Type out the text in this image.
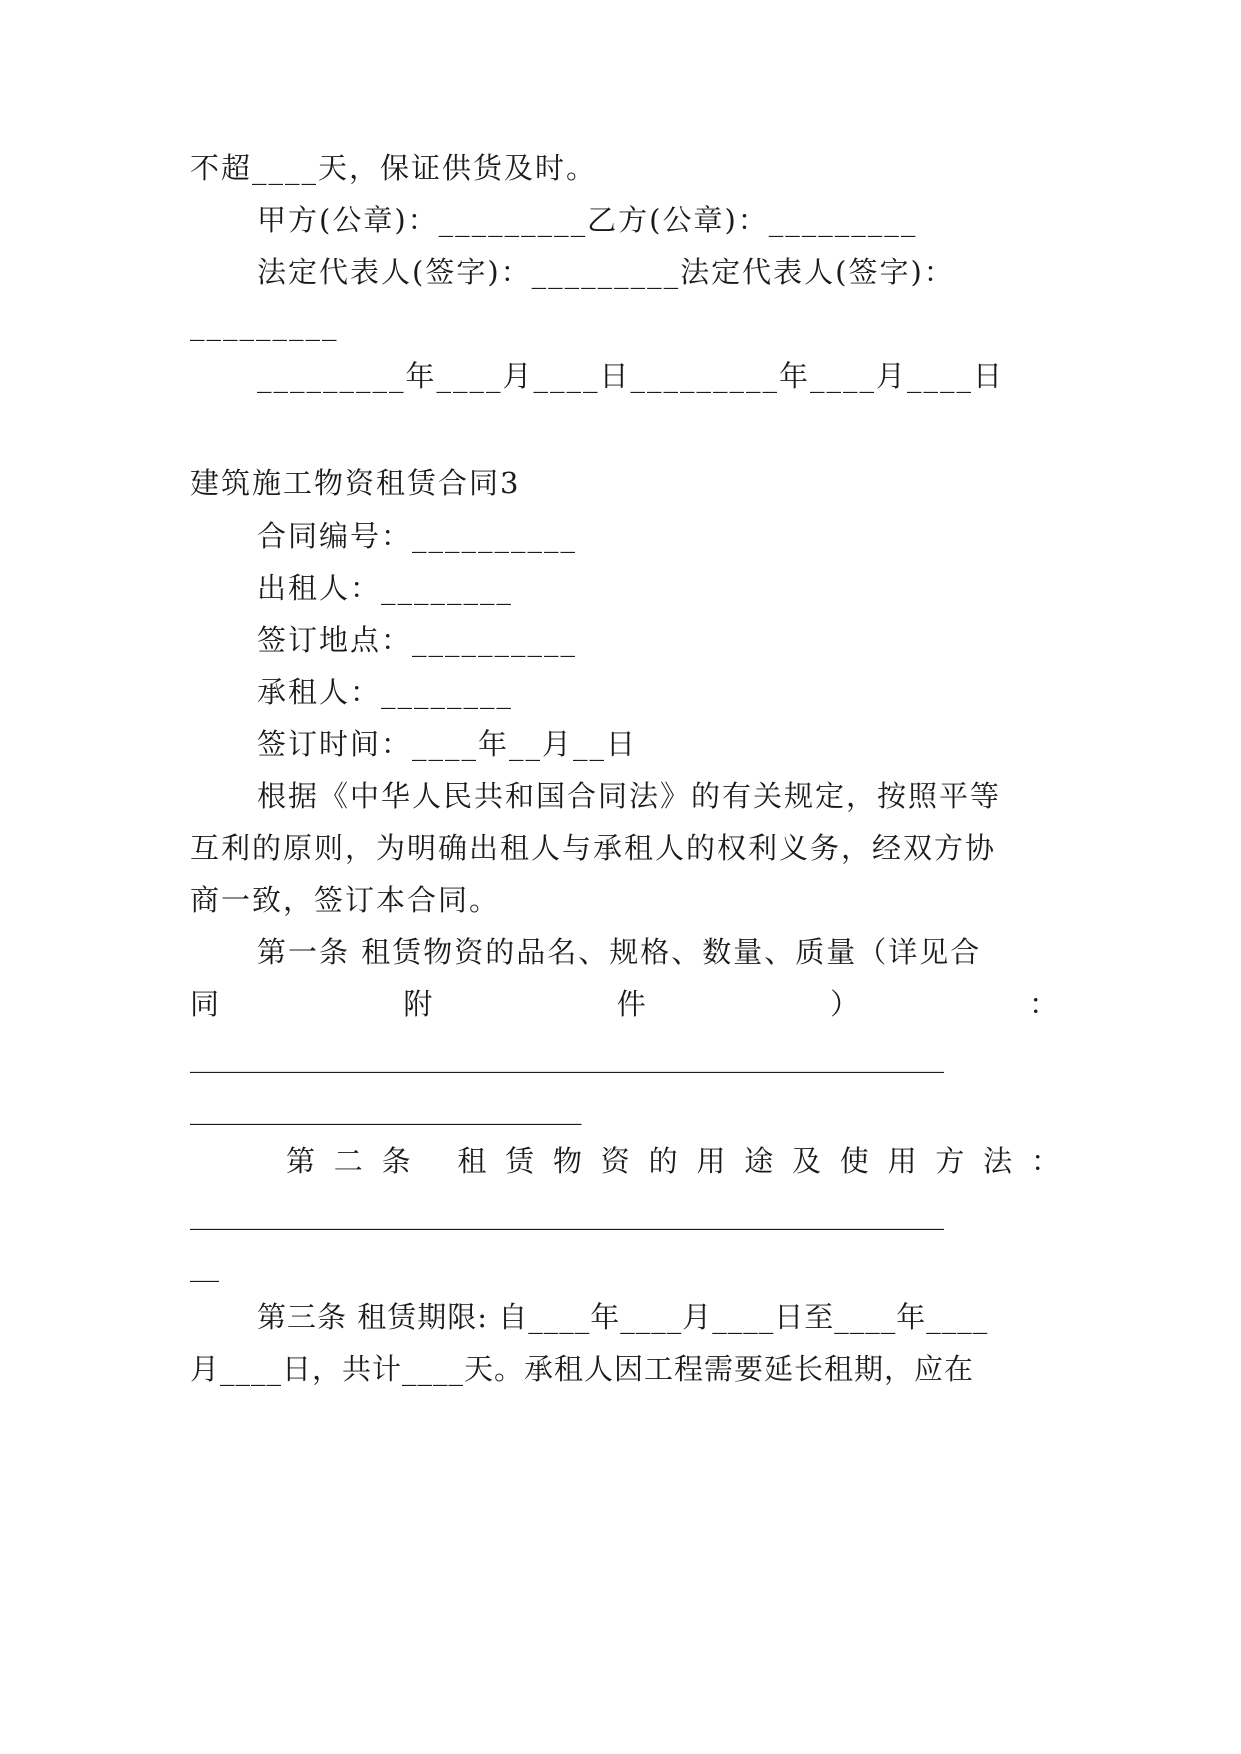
不超____天，保证供货及时。
甲方(公章)：_________乙方(公章)：_________
法定代表人(签字)：_________法定代表人(签字)：
_________
_________年____月____日_________年____月____日
建筑施工物资租赁合同3
合同编号：__________
出租人：________
签订地点：__________
承租人：________
签订时间：____年__月__日
根据《中华人民共和国合同法》的有关规定，按照平等
互利的原则，为明确出租人与承租人的权利义务，经双方协
商一致，签订本合同。
第一条 租赁物资的品名、规格、数量、质量（详见合
同附件）：
____________________________________________________
___________________________
第二条 租赁物资的用途及使用方法：
____________________________________________________
__
第三条 租赁期限: 自____年____月____日至____年____
月____日，共计____天。承租人因工程需要延长租期，应在
